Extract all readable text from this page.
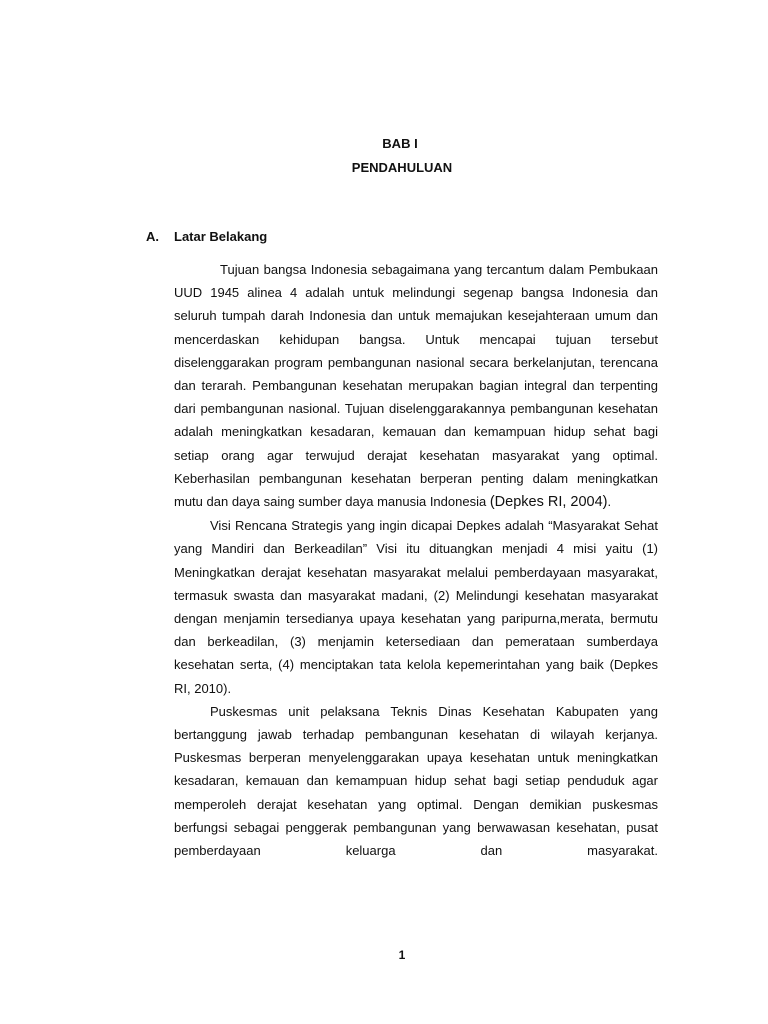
BAB I
PENDAHULUAN
A. Latar Belakang

Tujuan bangsa Indonesia sebagaimana yang tercantum dalam Pembukaan UUD 1945 alinea 4 adalah untuk melindungi segenap bangsa Indonesia dan seluruh tumpah darah Indonesia dan untuk memajukan kesejahteraan umum dan mencerdaskan kehidupan bangsa. Untuk mencapai tujuan tersebut diselenggarakan program pembangunan nasional secara berkelanjutan, terencana dan terarah. Pembangunan kesehatan merupakan bagian integral dan terpenting dari pembangunan nasional. Tujuan diselenggarakannya pembangunan kesehatan adalah meningkatkan kesadaran, kemauan dan kemampuan hidup sehat bagi setiap orang agar terwujud derajat kesehatan masyarakat yang optimal. Keberhasilan pembangunan kesehatan berperan penting dalam meningkatkan mutu dan daya saing sumber daya manusia Indonesia (Depkes RI, 2004).

Visi Rencana Strategis yang ingin dicapai Depkes adalah “Masyarakat Sehat yang Mandiri dan Berkeadilan” Visi itu dituangkan menjadi 4 misi yaitu (1) Meningkatkan derajat kesehatan masyarakat melalui pemberdayaan masyarakat, termasuk swasta dan masyarakat madani, (2) Melindungi kesehatan masyarakat dengan menjamin tersedianya upaya kesehatan yang paripurna,merata, bermutu dan berkeadilan, (3) menjamin ketersediaan dan pemerataan sumberdaya kesehatan serta, (4) menciptakan tata kelola kepemerintahan yang baik (Depkes RI, 2010).

Puskesmas unit pelaksana Teknis Dinas Kesehatan Kabupaten yang bertanggung jawab terhadap pembangunan kesehatan di wilayah kerjanya. Puskesmas berperan menyelenggarakan upaya kesehatan untuk meningkatkan kesadaran, kemauan dan kemampuan hidup sehat bagi setiap penduduk agar memperoleh derajat kesehatan yang optimal. Dengan demikian puskesmas berfungsi sebagai penggerak pembangunan yang berwawasan kesehatan, pusat pemberdayaan keluarga dan masyarakat.

1
